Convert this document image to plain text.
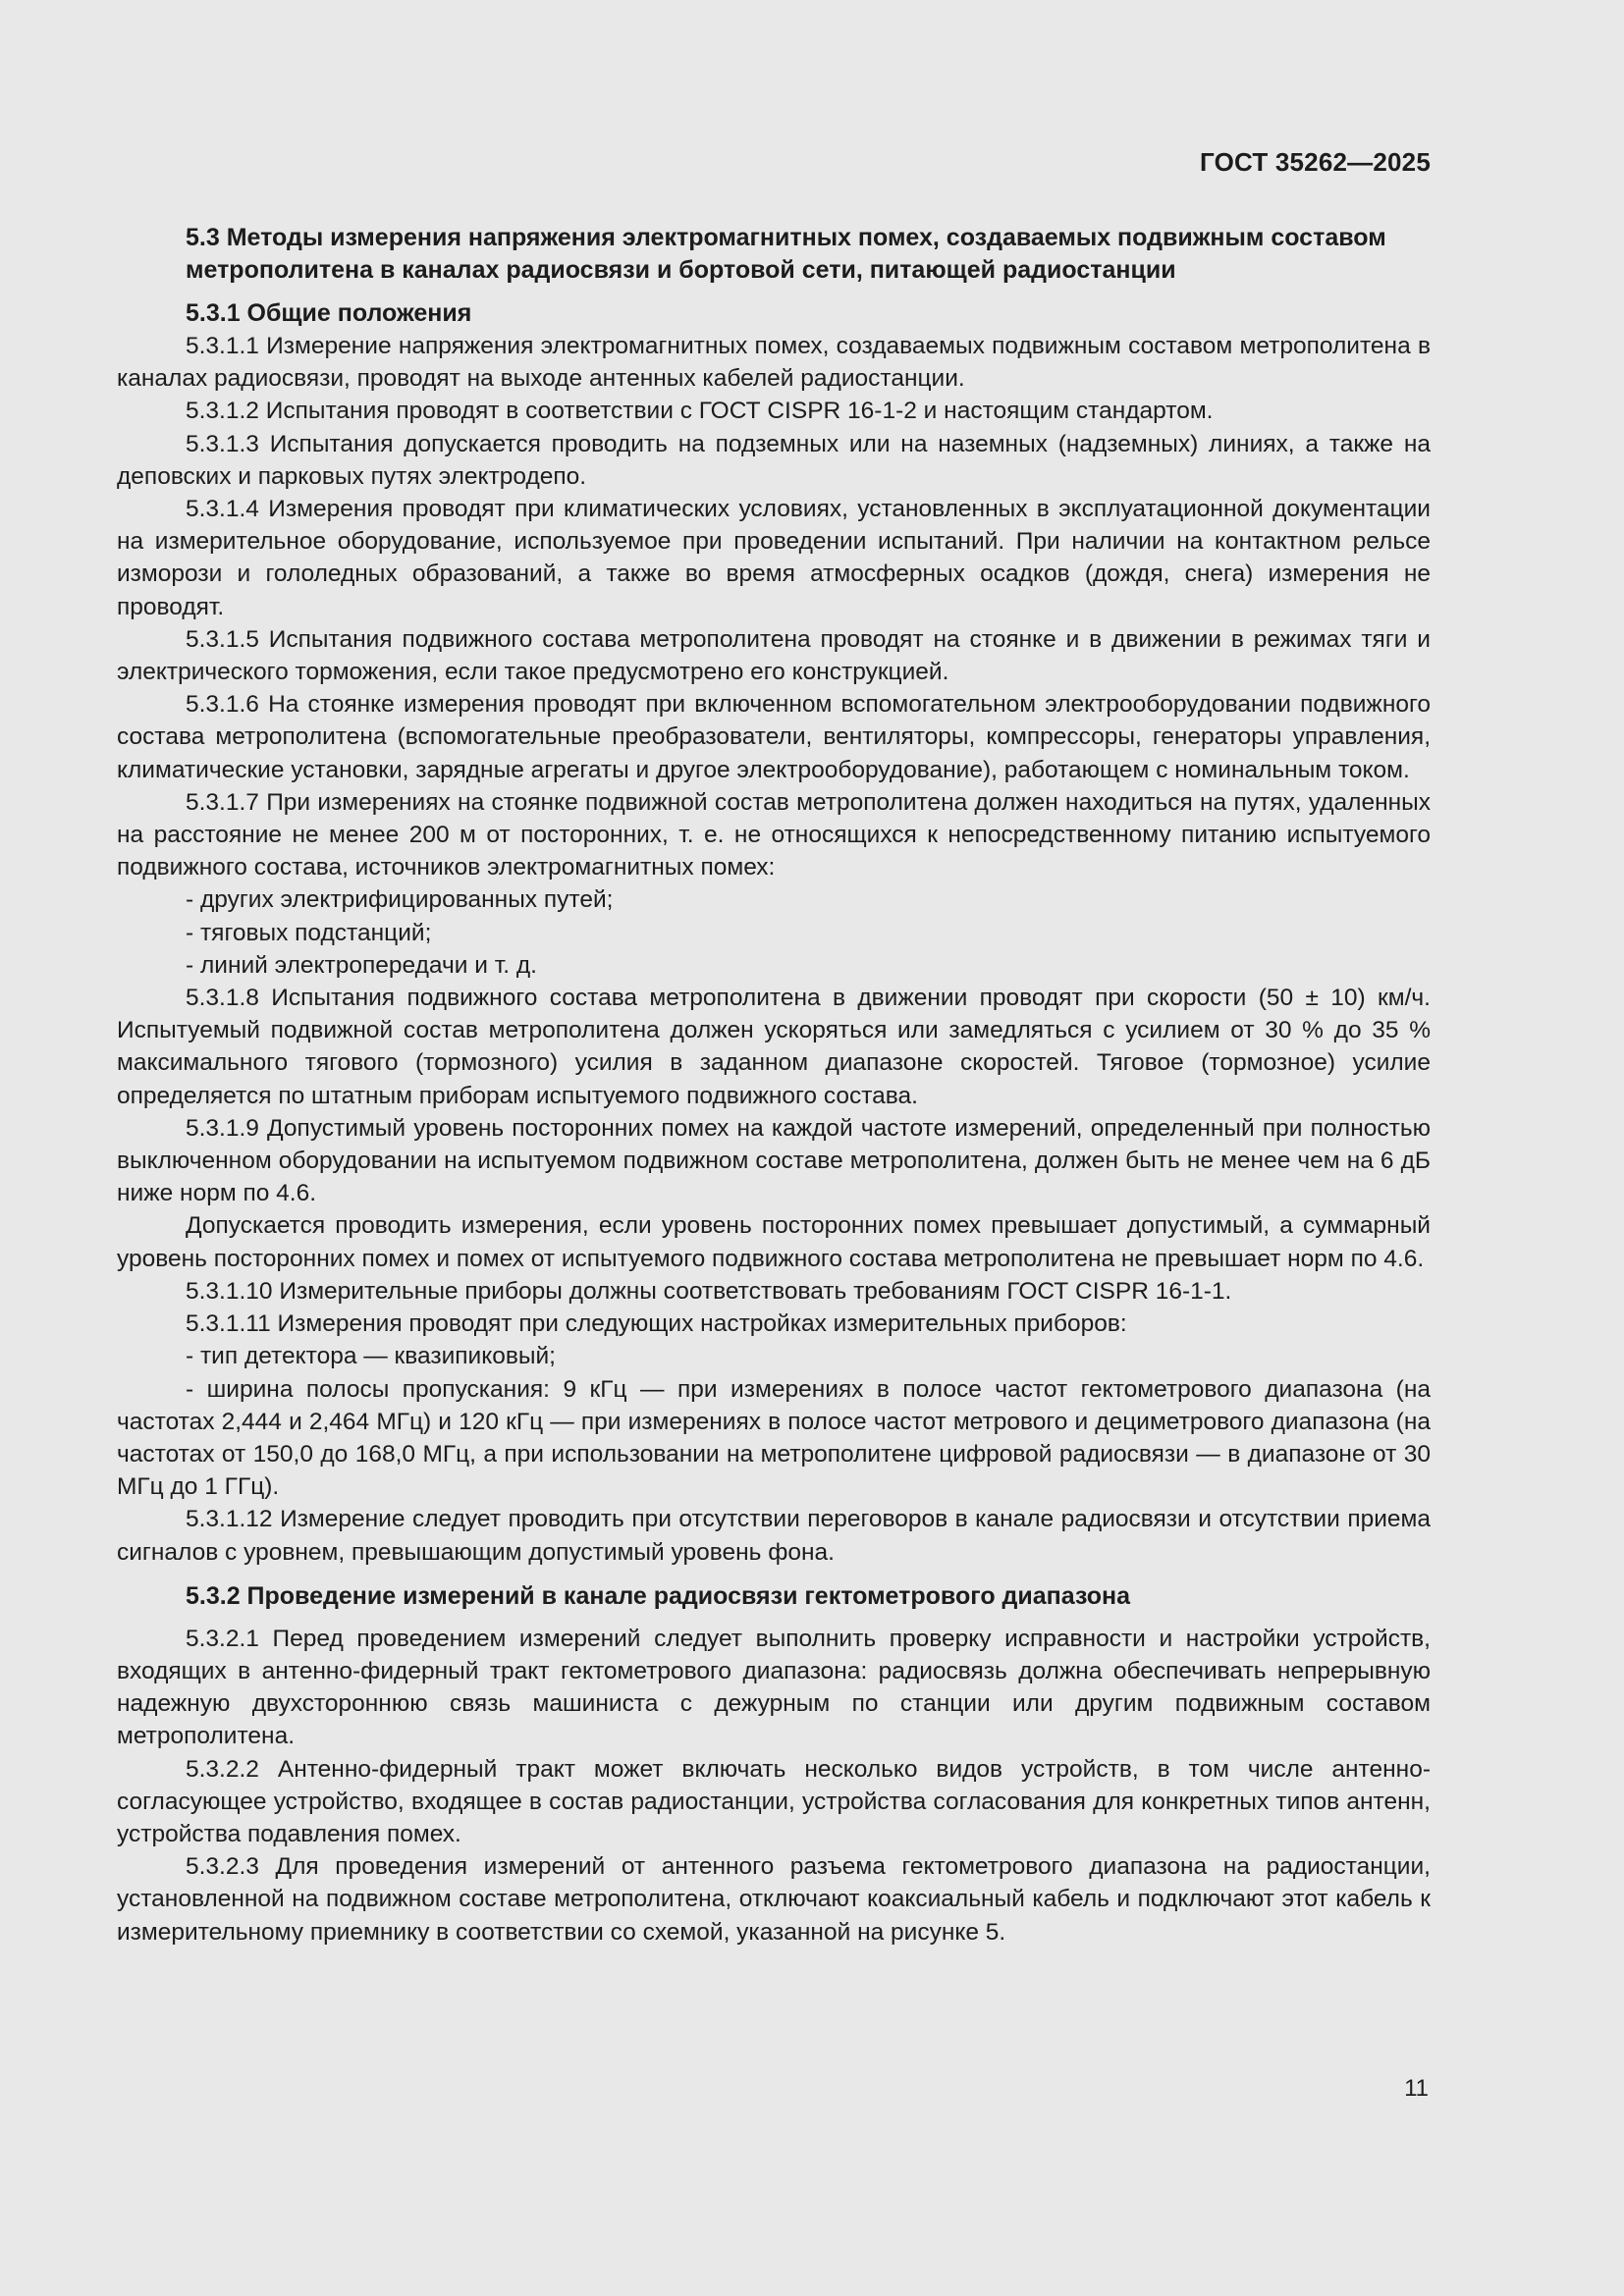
ГОСТ 35262—2025
5.3 Методы измерения напряжения электромагнитных помех, создаваемых подвижным составом метрополитена в каналах радиосвязи и бортовой сети, питающей радиостанции
5.3.1 Общие положения

5.3.1.1 Измерение напряжения электромагнитных помех, создаваемых подвижным составом метрополитена в каналах радиосвязи, проводят на выходе антенных кабелей радиостанции.

5.3.1.2 Испытания проводят в соответствии с ГОСТ CISPR 16-1-2 и настоящим стандартом.

5.3.1.3 Испытания допускается проводить на подземных или на наземных (надземных) линиях, а также на деповских и парковых путях электродепо.

5.3.1.4 Измерения проводят при климатических условиях, установленных в эксплуатационной документации на измерительное оборудование, используемое при проведении испытаний. При наличии на контактном рельсе изморози и гололедных образований, а также во время атмосферных осадков (дождя, снега) измерения не проводят.

5.3.1.5 Испытания подвижного состава метрополитена проводят на стоянке и в движении в режимах тяги и электрического торможения, если такое предусмотрено его конструкцией.

5.3.1.6 На стоянке измерения проводят при включенном вспомогательном электрооборудовании подвижного состава метрополитена (вспомогательные преобразователи, вентиляторы, компрессоры, генераторы управления, климатические установки, зарядные агрегаты и другое электрооборудование), работающем с номинальным током.

5.3.1.7 При измерениях на стоянке подвижной состав метрополитена должен находиться на путях, удаленных на расстояние не менее 200 м от посторонних, т. е. не относящихся к непосредственному питанию испытуемого подвижного состава, источников электромагнитных помех:

- других электрифицированных путей;

- тяговых подстанций;

- линий электропередачи и т. д.

5.3.1.8 Испытания подвижного состава метрополитена в движении проводят при скорости (50 ± 10) км/ч. Испытуемый подвижной состав метрополитена должен ускоряться или замедляться с усилием от 30 % до 35 % максимального тягового (тормозного) усилия в заданном диапазоне скоростей. Тяговое (тормозное) усилие определяется по штатным приборам испытуемого подвижного состава.

5.3.1.9 Допустимый уровень посторонних помех на каждой частоте измерений, определенный при полностью выключенном оборудовании на испытуемом подвижном составе метрополитена, должен быть не менее чем на 6 дБ ниже норм по 4.6.

Допускается проводить измерения, если уровень посторонних помех превышает допустимый, а суммарный уровень посторонних помех и помех от испытуемого подвижного состава метрополитена не превышает норм по 4.6.

5.3.1.10 Измерительные приборы должны соответствовать требованиям ГОСТ CISPR 16-1-1.

5.3.1.11 Измерения проводят при следующих настройках измерительных приборов:

- тип детектора — квазипиковый;

- ширина полосы пропускания: 9 кГц — при измерениях в полосе частот гектометрового диапазона (на частотах 2,444 и 2,464 МГц) и 120 кГц — при измерениях в полосе частот метрового и дециметрового диапазона (на частотах от 150,0 до 168,0 МГц, а при использовании на метрополитене цифровой радиосвязи — в диапазоне от 30 МГц до 1 ГГц).

5.3.1.12 Измерение следует проводить при отсутствии переговоров в канале радиосвязи и отсутствии приема сигналов с уровнем, превышающим допустимый уровень фона.

5.3.2 Проведение измерений в канале радиосвязи гектометрового диапазона

5.3.2.1 Перед проведением измерений следует выполнить проверку исправности и настройки устройств, входящих в антенно-фидерный тракт гектометрового диапазона: радиосвязь должна обеспечивать непрерывную надежную двухстороннюю связь машиниста с дежурным по станции или другим подвижным составом метрополитена.

5.3.2.2 Антенно-фидерный тракт может включать несколько видов устройств, в том числе антенно-согласующее устройство, входящее в состав радиостанции, устройства согласования для конкретных типов антенн, устройства подавления помех.

5.3.2.3 Для проведения измерений от антенного разъема гектометрового диапазона на радиостанции, установленной на подвижном составе метрополитена, отключают коаксиальный кабель и подключают этот кабель к измерительному приемнику в соответствии со схемой, указанной на рисунке 5.

11
